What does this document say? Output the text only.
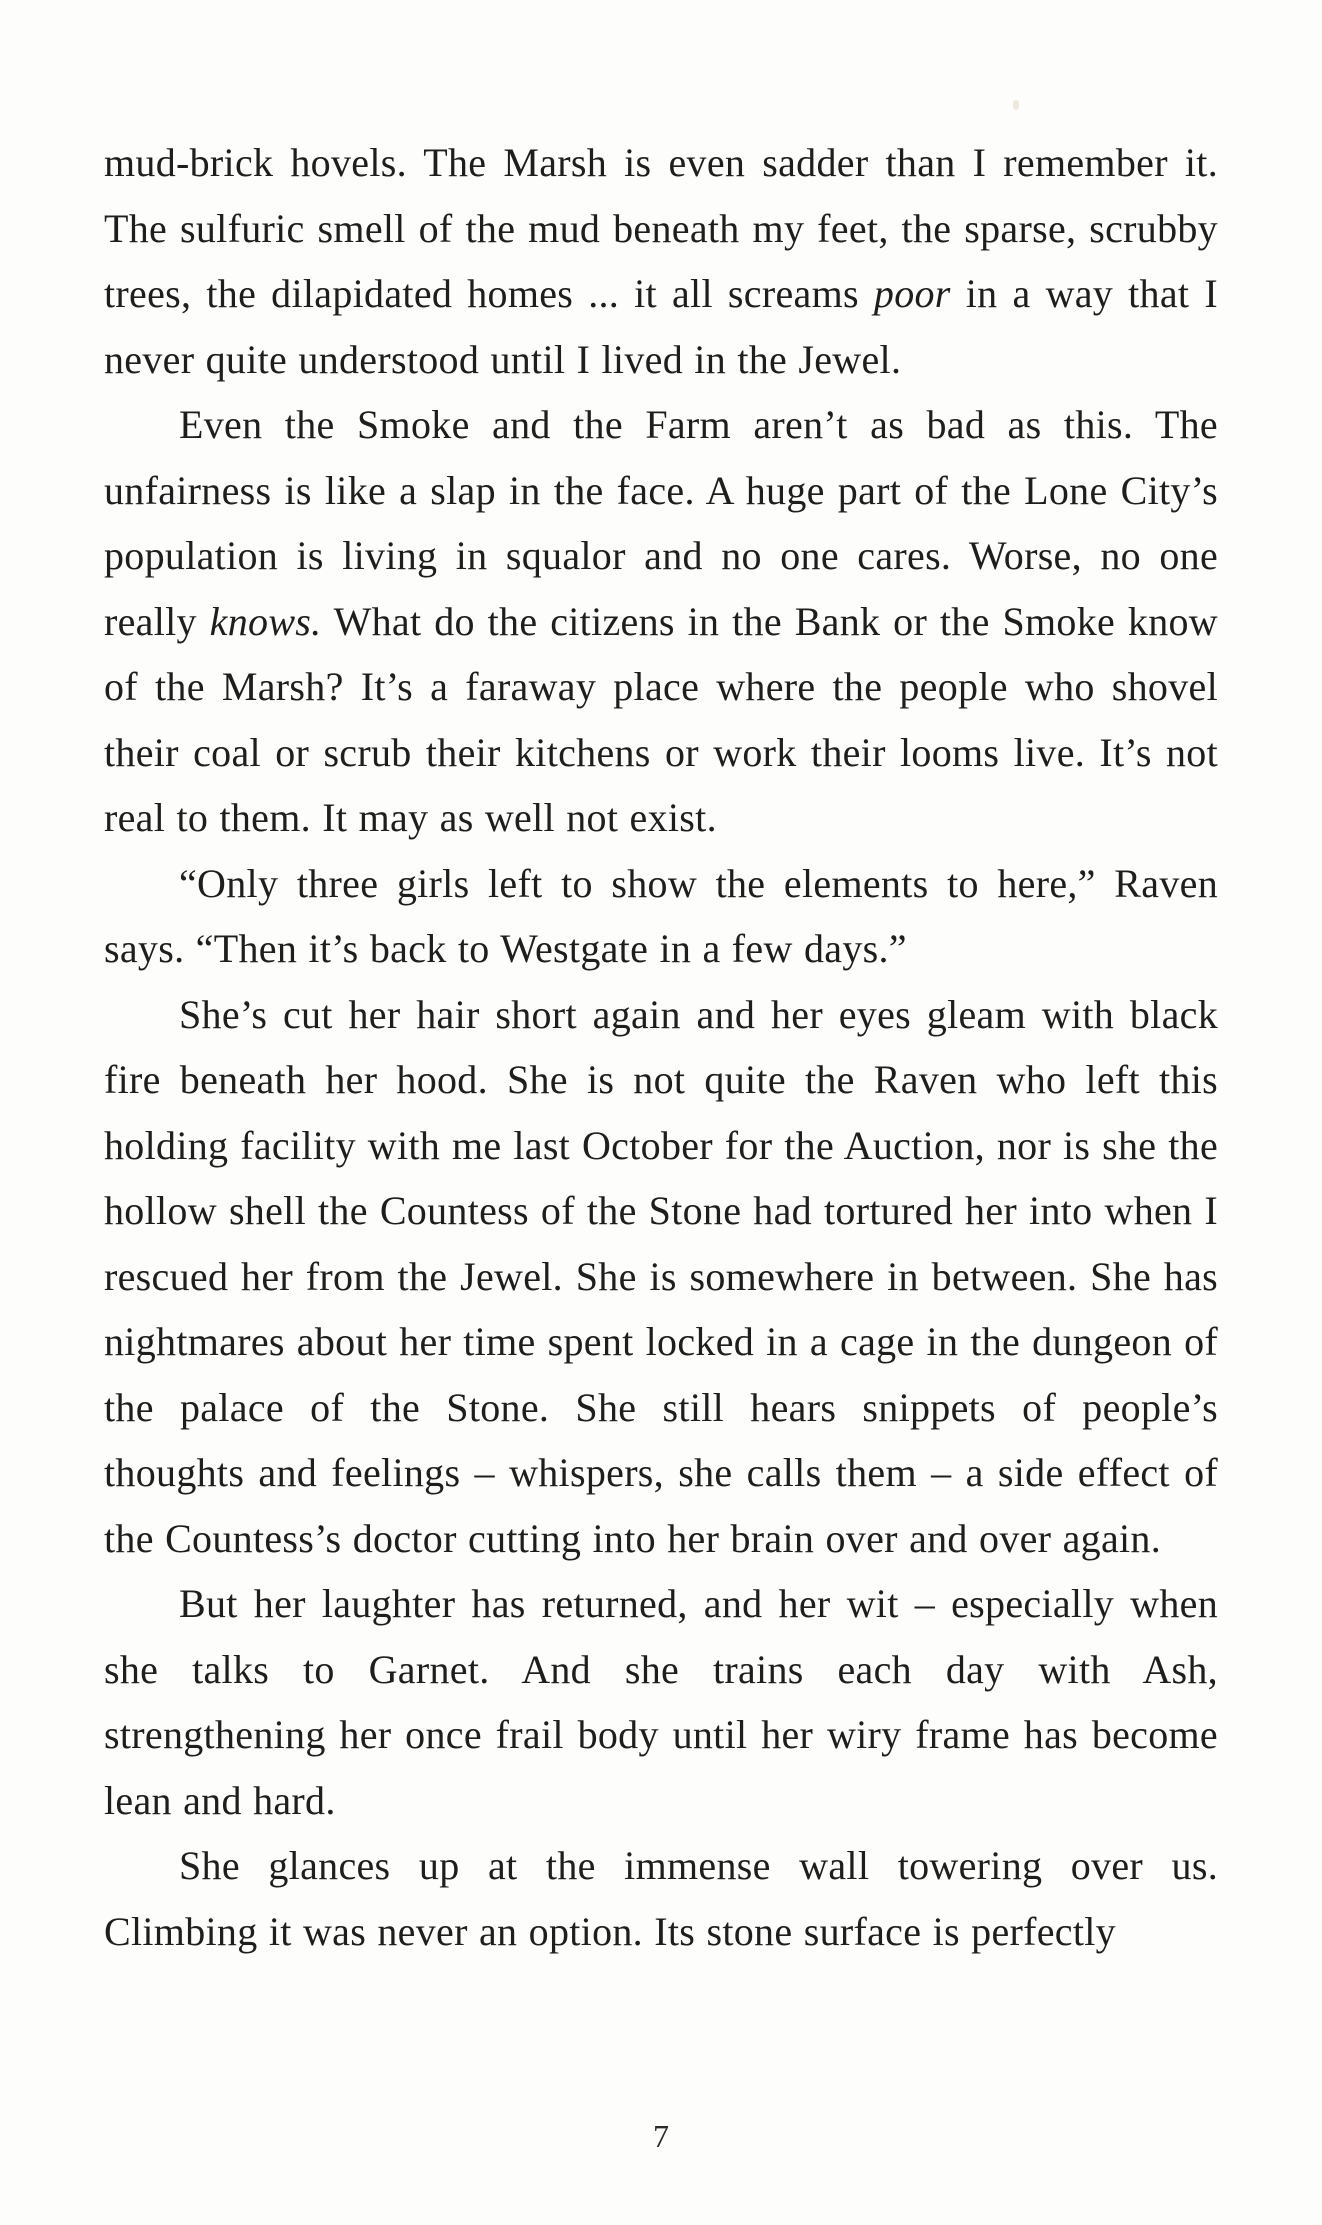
mud-brick hovels. The Marsh is even sadder than I remember it. The sulfuric smell of the mud beneath my feet, the sparse, scrubby trees, the dilapidated homes ... it all screams poor in a way that I never quite understood until I lived in the Jewel.

Even the Smoke and the Farm aren’t as bad as this. The unfairness is like a slap in the face. A huge part of the Lone City’s population is living in squalor and no one cares. Worse, no one really knows. What do the citizens in the Bank or the Smoke know of the Marsh? It’s a faraway place where the people who shovel their coal or scrub their kitchens or work their looms live. It’s not real to them. It may as well not exist.

“Only three girls left to show the elements to here,” Raven says. “Then it’s back to Westgate in a few days.”

She’s cut her hair short again and her eyes gleam with black fire beneath her hood. She is not quite the Raven who left this holding facility with me last October for the Auction, nor is she the hollow shell the Countess of the Stone had tortured her into when I rescued her from the Jewel. She is somewhere in between. She has nightmares about her time spent locked in a cage in the dungeon of the palace of the Stone. She still hears snippets of people’s thoughts and feelings – whispers, she calls them – a side effect of the Countess’s doctor cutting into her brain over and over again.

But her laughter has returned, and her wit – especially when she talks to Garnet. And she trains each day with Ash, strengthening her once frail body until her wiry frame has become lean and hard.

She glances up at the immense wall towering over us. Climbing it was never an option. Its stone surface is perfectly

7
